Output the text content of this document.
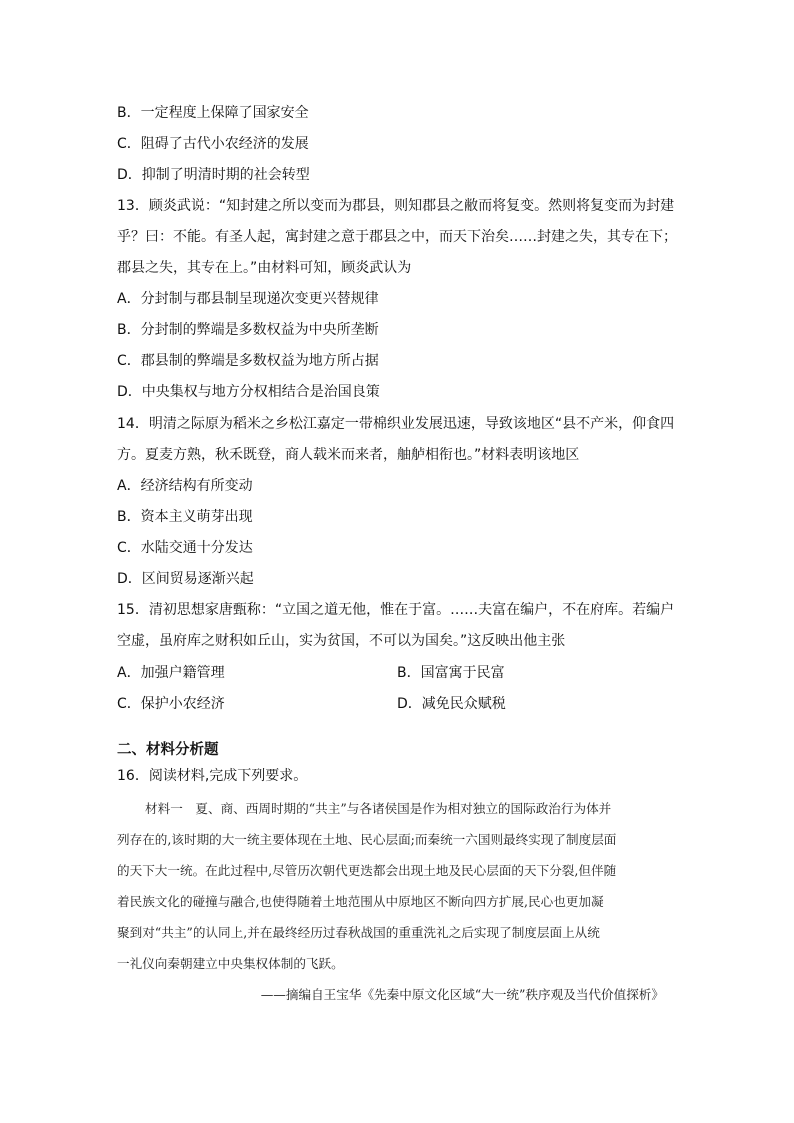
B．一定程度上保障了国家安全
C．阻碍了古代小农经济的发展
D．抑制了明清时期的社会转型
13．顾炎武说：“知封建之所以变而为郡县，则知郡县之敝而将复变。然则将复变而为封建
乎？曰：不能。有圣人起，寓封建之意于郡县之中，而天下治矣……封建之失，其专在下；
郡县之失，其专在上。”由材料可知，顾炎武认为
A．分封制与郡县制呈现递次变更兴替规律
B．分封制的弊端是多数权益为中央所垄断
C．郡县制的弊端是多数权益为地方所占据
D．中央集权与地方分权相结合是治国良策
14．明清之际原为稻米之乡松江嘉定一带棉织业发展迅速，导致该地区“县不产米，仰食四
方。夏麦方熟，秋禾既登，商人载米而来者，舳舻相衔也。”材料表明该地区
A．经济结构有所变动
B．资本主义萌芽出现
C．水陆交通十分发达
D．区间贸易逐渐兴起
15．清初思想家唐甄称：“立国之道无他，惟在于富。……夫富在编户，不在府库。若编户
空虚，虽府库之财积如丘山，实为贫国，不可以为国矣。”这反映出他主张
A．加强户籍管理	B．国富寓于民富
C．保护小农经济	D．减免民众赋税
二、材料分析题
16．阅读材料,完成下列要求。
材料一　夏、商、西周时期的“共主”与各诸侯国是作为相对独立的国际政治行为体并
列存在的,该时期的大一统主要体现在土地、民心层面;而秦统一六国则最终实现了制度层面
的天下大一统。在此过程中,尽管历次朝代更迭都会出现土地及民心层面的天下分裂,但伴随
着民族文化的碰撞与融合,也使得随着土地范围从中原地区不断向四方扩展,民心也更加凝
聚到对“共主”的认同上,并在最终经历过春秋战国的重重洗礼之后实现了制度层面上从统
一礼仪向秦朝建立中央集权体制的飞跃。
——摘编自王宝华《先秦中原文化区域“大一统”秩序观及当代价值探析》
